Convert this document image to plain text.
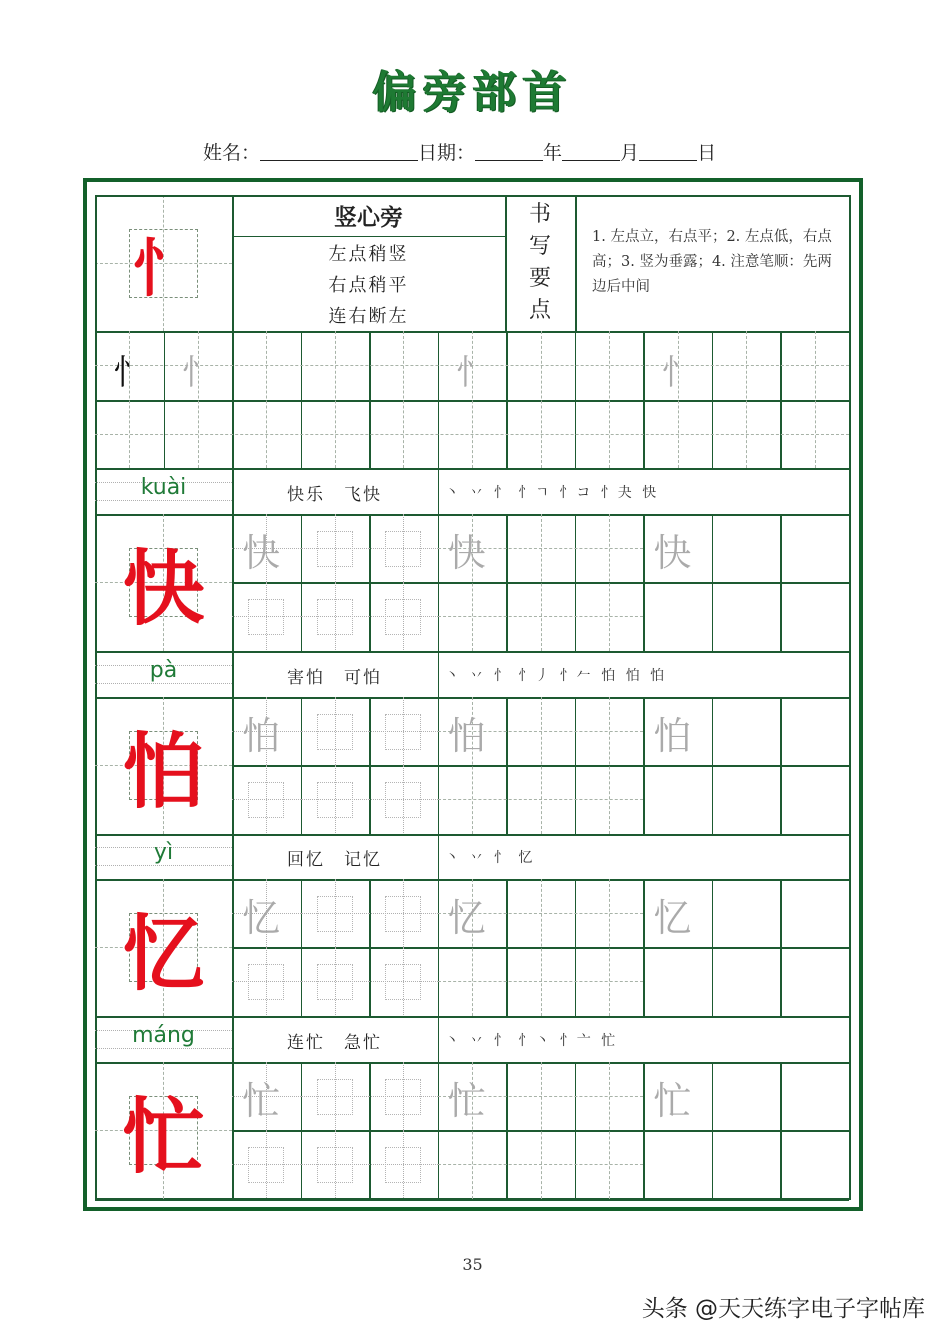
偏旁部首
姓名：	日期：	年	月	日
忄
竖心旁
左点稍竖
右点稍平
连右断左
书
写
要
点
1. 左点立，右点平；2. 左点低，右点高；3. 竖为垂露；4. 注意笔顺：先两边后中间
忄 忄	忄	忄
kuài	快乐　飞快	丶 丷 忄 忄ㄱ 忄コ 忄夬 快
快 快	快	快
pà	害怕　可怕	丶 丷 忄 忄丿 忄𠂉 怕 怕 怕
怕 怕	怕	怕
yì	回忆　记忆	丶 丷 忄 忆
忆 忆	忆	忆
máng	连忙　急忙	丶 丷 忄 忄丶 忄亠 忙
忙 忙	忙	忙
35
头条 @天天练字电子字帖库
